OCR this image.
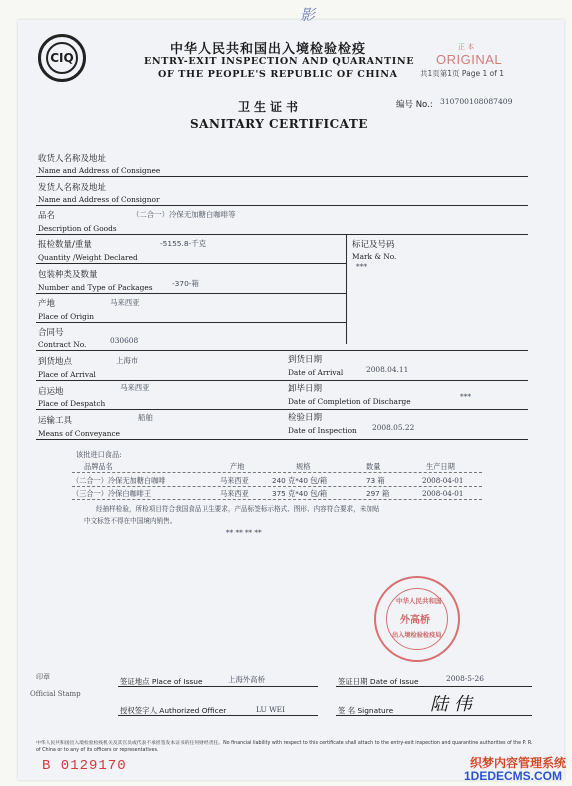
影
CIQ
中华人民共和国出入境检验检疫
ENTRY-EXIT INSPECTION AND QUARANTINE
OF THE PEOPLE'S REPUBLIC OF CHINA
正 本
ORIGINAL
共1页第1页 Page 1 of 1
卫生证书
SANITARY CERTIFICATE
编号 No.: 310700108087409
收货人名称及地址
Name and Address of Consignee
发货人名称及地址
Name and Address of Consignor
品名	（二合一）冷保无加糖白咖啡等
Description of Goods
报检数量/重量	-5155.8-千克
Quantity /Weight Declared
标记及号码
Mark & No.
***
包装种类及数量
-370-箱
Number and Type of Packages
产地	马来西亚
Place of Origin
合同号
Contract No.	030608
到货地点	上海市
Place of Arrival
到货日期
Date of Arrival	2008.04.11
启运地	马来西亚
Place of Despatch
卸毕日期
Date of Completion of Discharge
***
运输工具	船舶
Means of Conveyance
检验日期
Date of Inspection 2008.05.22
该批进口食品:
品牌品名	产地	规格	数量	生产日期
（二合一）冷保无加糖白咖啡	马来西亚	240 克*40 包/箱	73 箱	2008-04-01
（三合一）冷保白咖啡王	马来西亚	375 克*40 包/箱	297 箱	2008-04-01
经抽样检验，所检项目符合我国食品卫生要求，产品标签标示格式、图形、内容符合要求，未加贴
中文标签不得在中国境内销售。
** ** ** **
中华人民共和国
外高桥
出入境检验检疫局
印章
Official Stamp
签证地点 Place of Issue	上海外高桥	签证日期 Date of Issue	2008-5-26
授权签字人 Authorized Officer	LU WEI	签 名 Signature 陆 伟
中华人民共和国出入境检验检疫机关及其官员或代表不承担签发本证书的任何财经责任。No financial liability with respect to this certificate shall attach to the entry-exit inspection and quarantine authorities of the P. R. of China or to any of its officers or representatives.
B 0129170	织梦内容管理系统
1DEDECMS.COM
